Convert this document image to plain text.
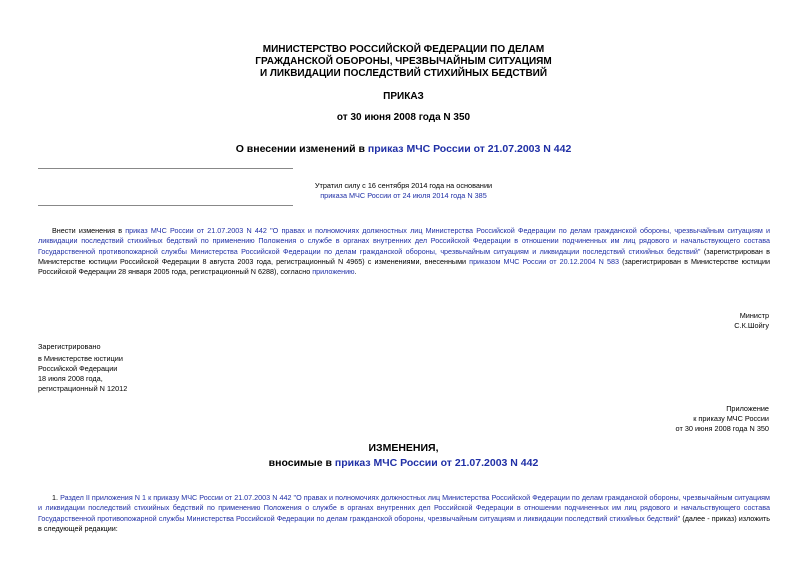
МИНИСТЕРСТВО РОССИЙСКОЙ ФЕДЕРАЦИИ ПО ДЕЛАМ
ГРАЖДАНСКОЙ ОБОРОНЫ, ЧРЕЗВЫЧАЙНЫМ СИТУАЦИЯМ
И ЛИКВИДАЦИИ ПОСЛЕДСТВИЙ СТИХИЙНЫХ БЕДСТВИЙ
ПРИКАЗ
от 30 июня 2008 года N 350
О внесении изменений в приказ МЧС России от 21.07.2003 N 442
Утратил силу с 16 сентября 2014 года на основании
приказа МЧС России от 24 июля 2014 года N 385
Внести изменения в приказ МЧС России от 21.07.2003 N 442 "О правах и полномочиях должностных лиц Министерства Российской Федерации по делам гражданской обороны, чрезвычайным ситуациям и ликвидации последствий стихийных бедствий по применению Положения о службе в органах внутренних дел Российской Федерации в отношении подчиненных им лиц рядового и начальствующего состава Государственной противопожарной службы Министерства Российской Федерации по делам гражданской обороны, чрезвычайным ситуациям и ликвидации последствий стихийных бедствий" (зарегистрирован в Министерстве юстиции Российской Федерации 8 августа 2003 года, регистрационный N 4965) с изменениями, внесенными приказом МЧС России от 20.12.2004 N 583 (зарегистрирован в Министерстве юстиции Российской Федерации 28 января 2005 года, регистрационный N 6288), согласно приложению.
Министр
С.К.Шойгу
Зарегистрировано
в Министерстве юстиции
Российской Федерации
18 июля 2008 года,
регистрационный N 12012
Приложение
к приказу МЧС России
от 30 июня 2008 года N 350
ИЗМЕНЕНИЯ,
вносимые в приказ МЧС России от 21.07.2003 N 442
1. Раздел II приложения N 1 к приказу МЧС России от 21.07.2003 N 442 "О правах и полномочиях должностных лиц Министерства Российской Федерации по делам гражданской обороны, чрезвычайным ситуациям и ликвидации последствий стихийных бедствий по применению Положения о службе в органах внутренних дел Российской Федерации в отношении подчиненных им лиц рядового и начальствующего состава Государственной противопожарной службы Министерства Российской Федерации по делам гражданской обороны, чрезвычайным ситуациям и ликвидации последствий стихийных бедствий" (далее - приказ) изложить в следующей редакции:
